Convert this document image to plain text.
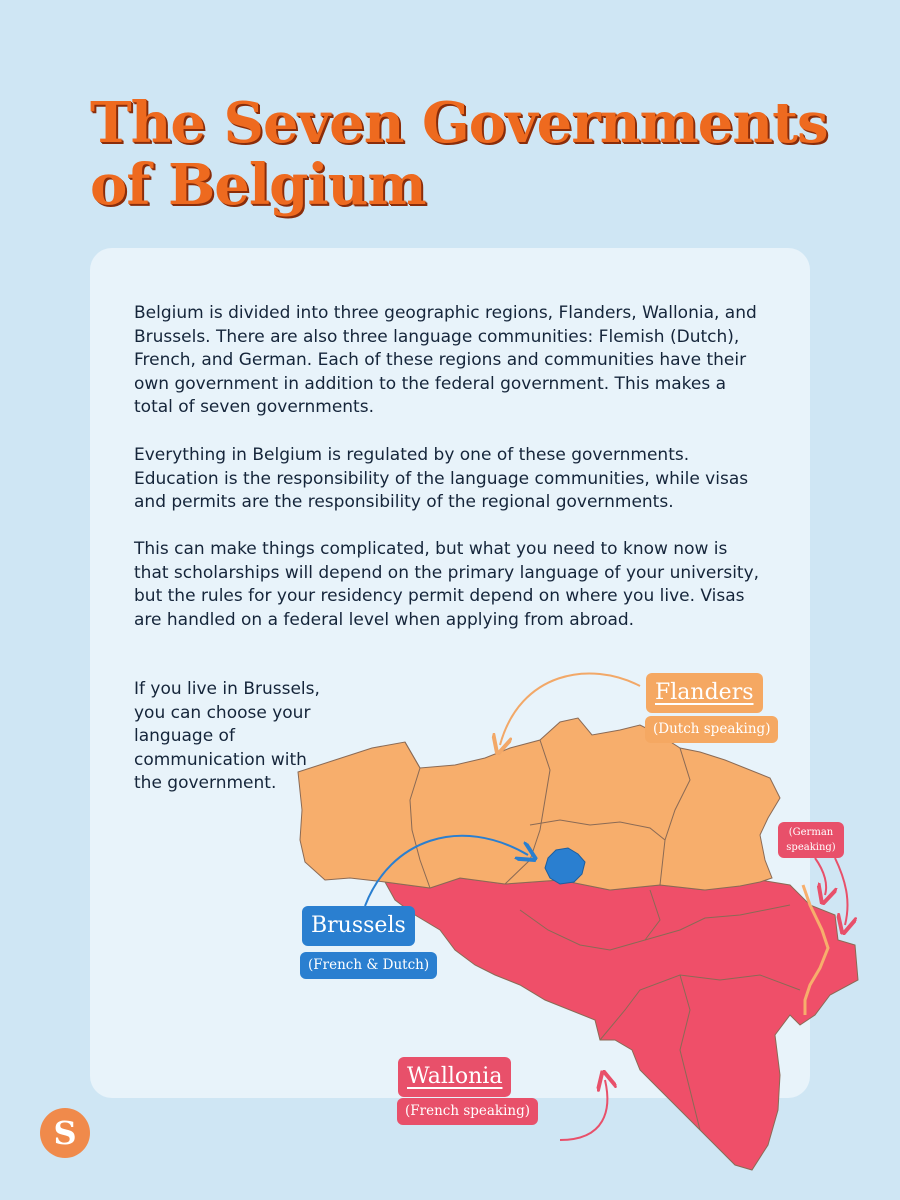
The Seven Governments of Belgium

Belgium is divided into three geographic regions, Flanders, Wallonia, and Brussels. There are also three language communities: Flemish (Dutch), French, and German. Each of these regions and communities have their own government in addition to the federal government. This makes a total of seven governments.

Everything in Belgium is regulated by one of these governments. Education is the responsibility of the language communities, while visas and permits are the responsibility of the regional governments.

This can make things complicated, but what you need to know now is that scholarships will depend on the primary language of your university, but the rules for your residency permit depend on where you live. Visas are handled on a federal level when applying from abroad.

If you live in Brussels, you can choose your language of communication with the government.

Flanders
(Dutch speaking)
Brussels
(French & Dutch)
Wallonia
(French speaking)
(German speaking)
S
